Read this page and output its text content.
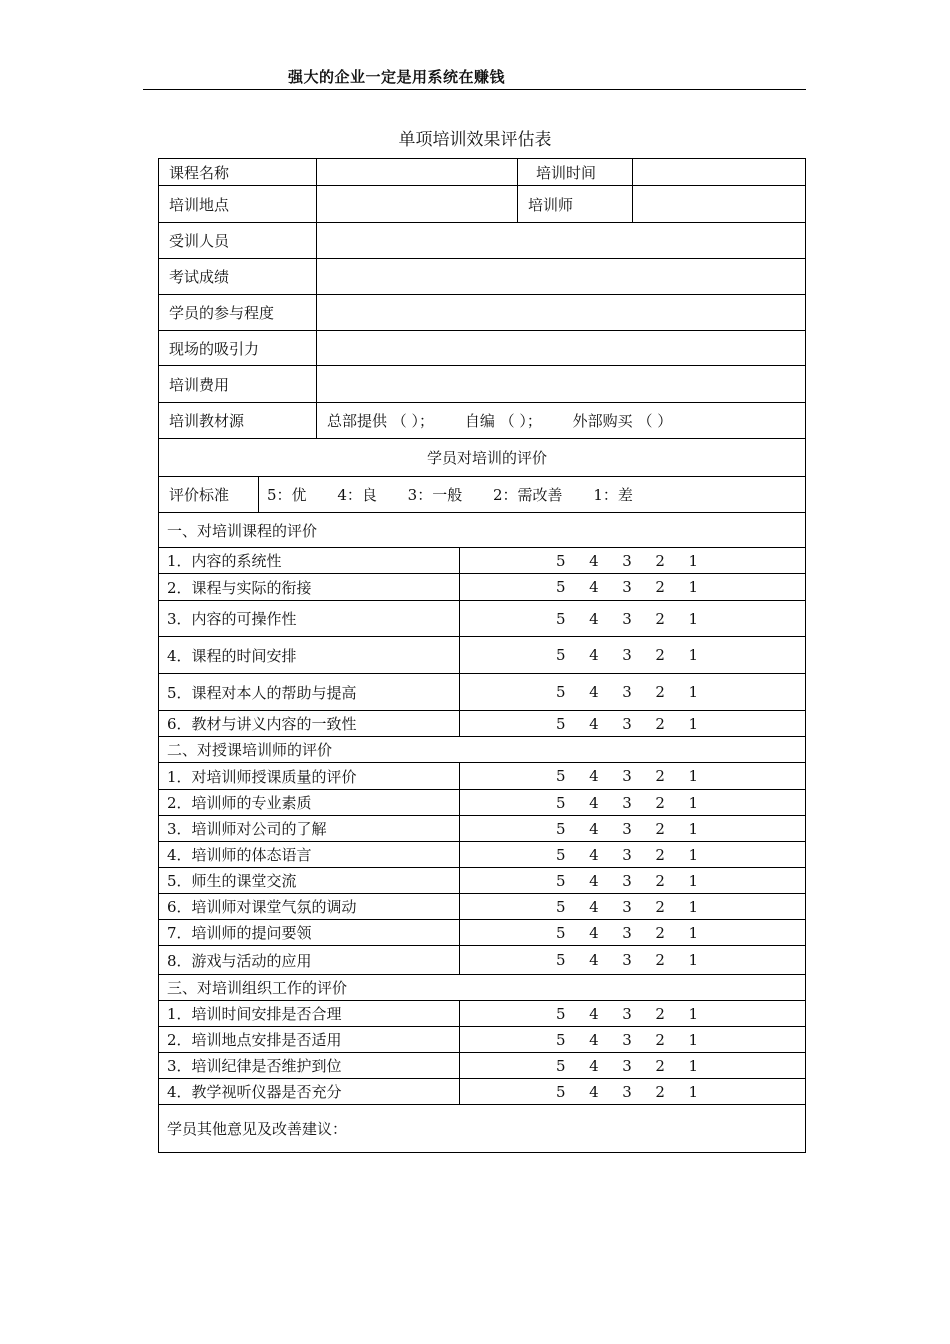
强大的企业一定是用系统在赚钱
单项培训效果评估表
课程名称				培训时间	
培训地点				培训师	
受训人员					
考试成绩					
学员的参与程度					
现场的吸引力					
培训费用					
培训教材源		总部提供 （ ）； 自编 （ ）； 外部购买 （ ）			
学员对培训的评价					
评价标准	5：优 4：良 3：一般 2：需改善 1：差				
一、对培训课程的评价					
1．内容的系统性			5 4 3 2 1		

2．课程与实际的衔接			5 4 3 2 1		

3．内容的可操作性			5 4 3 2 1		

4．课程的时间安排			5 4 3 2 1		

5．课程对本人的帮助与提高			5 4 3 2 1		

6．教材与讲义内容的一致性			5 4 3 2 1		

二、对授课培训师的评价					
1．对培训师授课质量的评价			5 4 3 2 1		

2．培训师的专业素质			5 4 3 2 1		

3．培训师对公司的了解			5 4 3 2 1		

4．培训师的体态语言			5 4 3 2 1		

5．师生的课堂交流			5 4 3 2 1		

6．培训师对课堂气氛的调动			5 4 3 2 1		

7．培训师的提问要领			5 4 3 2 1		

8．游戏与活动的应用			5 4 3 2 1		

三、对培训组织工作的评价					
1．培训时间安排是否合理			5 4 3 2 1		

2．培训地点安排是否适用			5 4 3 2 1		

3．培训纪律是否维护到位			5 4 3 2 1		

4．教学视听仪器是否充分			5 4 3 2 1		

学员其他意见及改善建议：					
